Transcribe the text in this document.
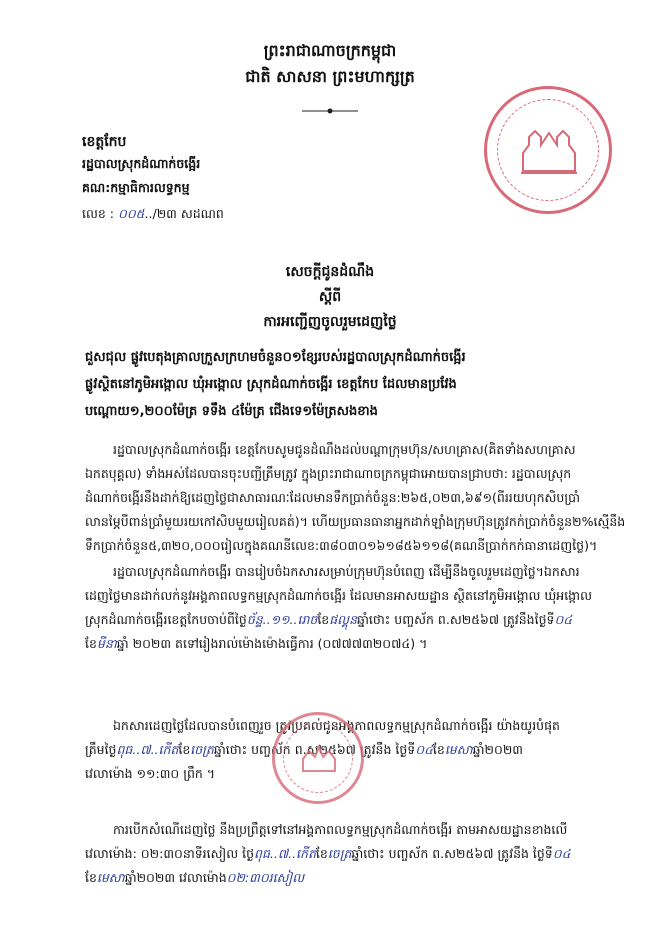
ព្រះរាជាណាចក្រកម្ពុជា
ជាតិ សាសនា ព្រះមហាក្សត្រ
ខេត្តកែប
រដ្ឋបាលស្រុកដំណាក់ចង្អើរ
គណ:កម្មាធិការលទ្ធកម្ម
លេខ : ០០៥../២៣ សដណព
សេចក្តីជូនដំណឹង
ស្តីពី
ការអញ្ជើញចូលរួមដេញថ្លៃ
ជួសជុល ផ្លូវបេតុងគ្រាលក្រួសក្រហមចំនួន០១ខ្សែរបស់រដ្ឋបាលស្រុកដំណាក់ចង្អើរ
ផ្លូវស្ថិតនៅភូមិអង្កោល ឃុំអង្កោល ស្រុកដំណាក់ចង្អើរ ខេត្តកែប ដែលមានប្រវែង
បណ្តោយ១,២០០ម៉ែត្រ ទទឹង ៤ម៉ែត្រ ជើងទេ១ម៉ែត្រសងខាង
រដ្ឋបាលស្រុកដំណាក់ចង្អើរ ខេត្តកែបសូមជូនដំណឹងដល់បណ្តាក្រុមហ៊ុន/សហគ្រាស(គិតទាំងសហគ្រាស
ឯកតបុគ្គល) ទាំងអស់ដែលបានចុះបញ្ជីត្រឹមត្រូវ ក្នុងព្រះរាជាណាចក្រកម្ពុជាអោយបានជ្រាបថា: រដ្ឋបាលស្រុក
ដំណាក់ចង្អើរនឹងដាក់ឱ្យដេញថ្លៃជាសាធារណៈដែលមានទឹកប្រាក់ចំនួន:២៦៥,០២៣,៦៩១(ពីររយហុកសិបប្រាំ
លានម្ភៃបីពាន់ប្រាំមួយរយកៅសិបមួយរៀលគត់)។ ហើយប្រធានធានាអ្នកដាក់ឡាំងក្រុមហ៊ុនត្រូវកក់ប្រាក់ចំនួន២%ស្មើនឹង
ទឹកប្រាក់ចំនួន៥,៣២០,០០០រៀលក្នុងគណនីលេខ:៣៨០៣០១៦១៨៥៦១១៨(គណនីប្រាក់កក់ធានាដេញថ្លៃ)។
រដ្ឋបាលស្រុកដំណាក់ចង្អើរ បានរៀបចំឯកសារសម្រាប់ក្រុមហ៊ុនបំពេញ ដើម្បីនឹងចូលរួមដេញថ្លៃ។ឯកសារ
ដេញថ្លៃមានដាក់លក់នូវអង្គភាពលទ្ធកម្មស្រុកដំណាក់ចង្អើរ ដែលមានអាសយដ្ឋាន ស្ថិតនៅភូមិអង្កោល ឃុំអង្កោល
ស្រុកដំណាក់ចង្អើរខេត្តកែបចាប់ពីថ្ងៃច័ន្ទ..១១..រោចខែផល្គុនឆ្នាំថោះ បញ្ចស័ក ព.ស២៥៦៧ ត្រូវនឹងថ្ងៃទី០៤
ខែមីនាឆ្នាំ ២០២៣ តទៅរៀងរាល់ម៉ោងម៉ោងធ្វើការ (០៧៧៧៣២០៧៤) ។
ឯកសារដេញថ្លៃដែលបានបំពេញរួច ត្រូវប្រគល់ជូនអង្គភាពលទ្ធកម្មស្រុកដំណាក់ចង្អើរ យ៉ាងយូរបំផុត
ត្រឹមថ្ងៃពុធ..៧..កើតខែចេត្រឆ្នាំថោះ បញ្ចស័ក ព.ស២៥៦៧ ត្រូវនឹង ថ្ងៃទី០៤ខែមេសាឆ្នាំ២០២៣
វេលាម៉ោង ១១:៣០ ព្រឹក ។
ការបើកសំណើដេញថ្លៃ នឹងប្រព្រឹត្តទៅនៅអង្គភាពលទ្ធកម្មស្រុកដំណាក់ចង្អើរ តាមអាសយដ្ឋានខាងលើ
វេលាម៉ោង: ០២:៣០នាទីរសៀល ថ្ងៃពុធ..៧..កើតខែចេត្រឆ្នាំថោះ បញ្ចស័ក ព.ស២៥៦៧ ត្រូវនឹង ថ្ងៃទី០៤
ខែមេសាឆ្នាំ២០២៣ វេលាម៉ោង០២:៣០រសៀល
